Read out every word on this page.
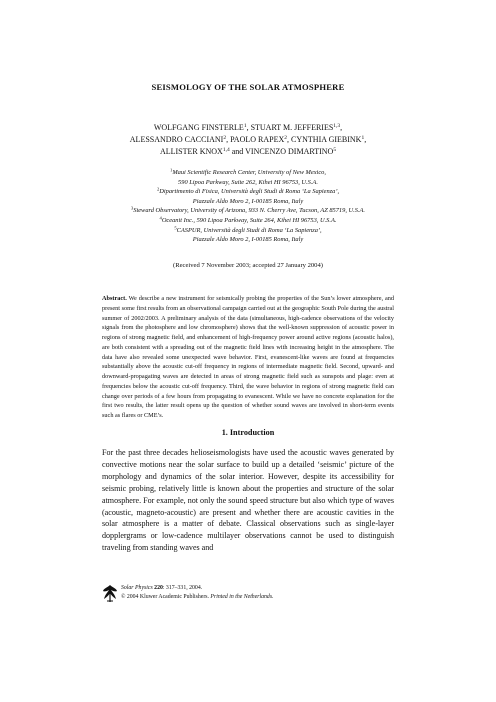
SEISMOLOGY OF THE SOLAR ATMOSPHERE
WOLFGANG FINSTERLE$^1$, STUART M. JEFFERIES$^{1,3}$,
ALESSANDRO CACCIANI$^2$, PAOLO RAPEX$^2$, CYNTHIA GIEBINK$^1$,
ALLISTER KNOX$^{1,4}$ and VINCENZO DIMARTINO$^5$
$^1$Maui Scientific Research Center, University of New Mexico,
590 Lipoa Parkway, Suite 262, Kihei HI 96753, U.S.A.
$^2$Dipartimento di Fisica, Università degli Studi di Roma ‘La Sapienza’,
Piazzale Aldo Moro 2, I-00185 Roma, Italy
$^3$Steward Observatory, University of Arizona, 933 N. Cherry Ave, Tucson, AZ 85719, U.S.A.
$^4$Oceanit Inc., 590 Lipoa Parkway, Suite 264, Kihei HI 96753, U.S.A.
$^5$CASPUR, Università degli Studi di Roma ‘La Sapienza’,
Piazzale Aldo Moro 2, I-00185 Roma, Italy
(Received 7 November 2003; accepted 27 January 2004)
Abstract. We describe a new instrument for seismically probing the properties of the Sun’s lower atmosphere, and present some first results from an observational campaign carried out at the geographic South Pole during the austral summer of 2002/2003. A preliminary analysis of the data (simultaneous, high-cadence observations of the velocity signals from the photosphere and low chromosphere) shows that the well-known suppression of acoustic power in regions of strong magnetic field, and enhancement of high-frequency power around active regions (acoustic halos), are both consistent with a spreading out of the magnetic field lines with increasing height in the atmosphere. The data have also revealed some unexpected wave behavior. First, evanescent-like waves are found at frequencies substantially above the acoustic cut-off frequency in regions of intermediate magnetic field. Second, upward- and downward-propagating waves are detected in areas of strong magnetic field such as sunspots and plage: even at frequencies below the acoustic cut-off frequency. Third, the wave behavior in regions of strong magnetic field can change over periods of a few hours from propagating to evanescent. While we have no concrete explanation for the first two results, the latter result opens up the question of whether sound waves are involved in short-term events such as flares or CME’s.
1. Introduction

For the past three decades helioseismologists have used the acoustic waves generated by convective motions near the solar surface to build up a detailed ‘seismic’ picture of the morphology and dynamics of the solar interior. However, despite its accessibility for seismic probing, relatively little is known about the properties and structure of the solar atmosphere. For example, not only the sound speed structure but also which type of waves (acoustic, magneto-acoustic) are present and whether there are acoustic cavities in the solar atmosphere is a matter of debate. Classical observations such as single-layer dopplergrams or low-cadence multilayer observations cannot be used to distinguish traveling from standing waves and

Solar Physics 220: 317–331, 2004.
© 2004 Kluwer Academic Publishers. Printed in the Netherlands.
